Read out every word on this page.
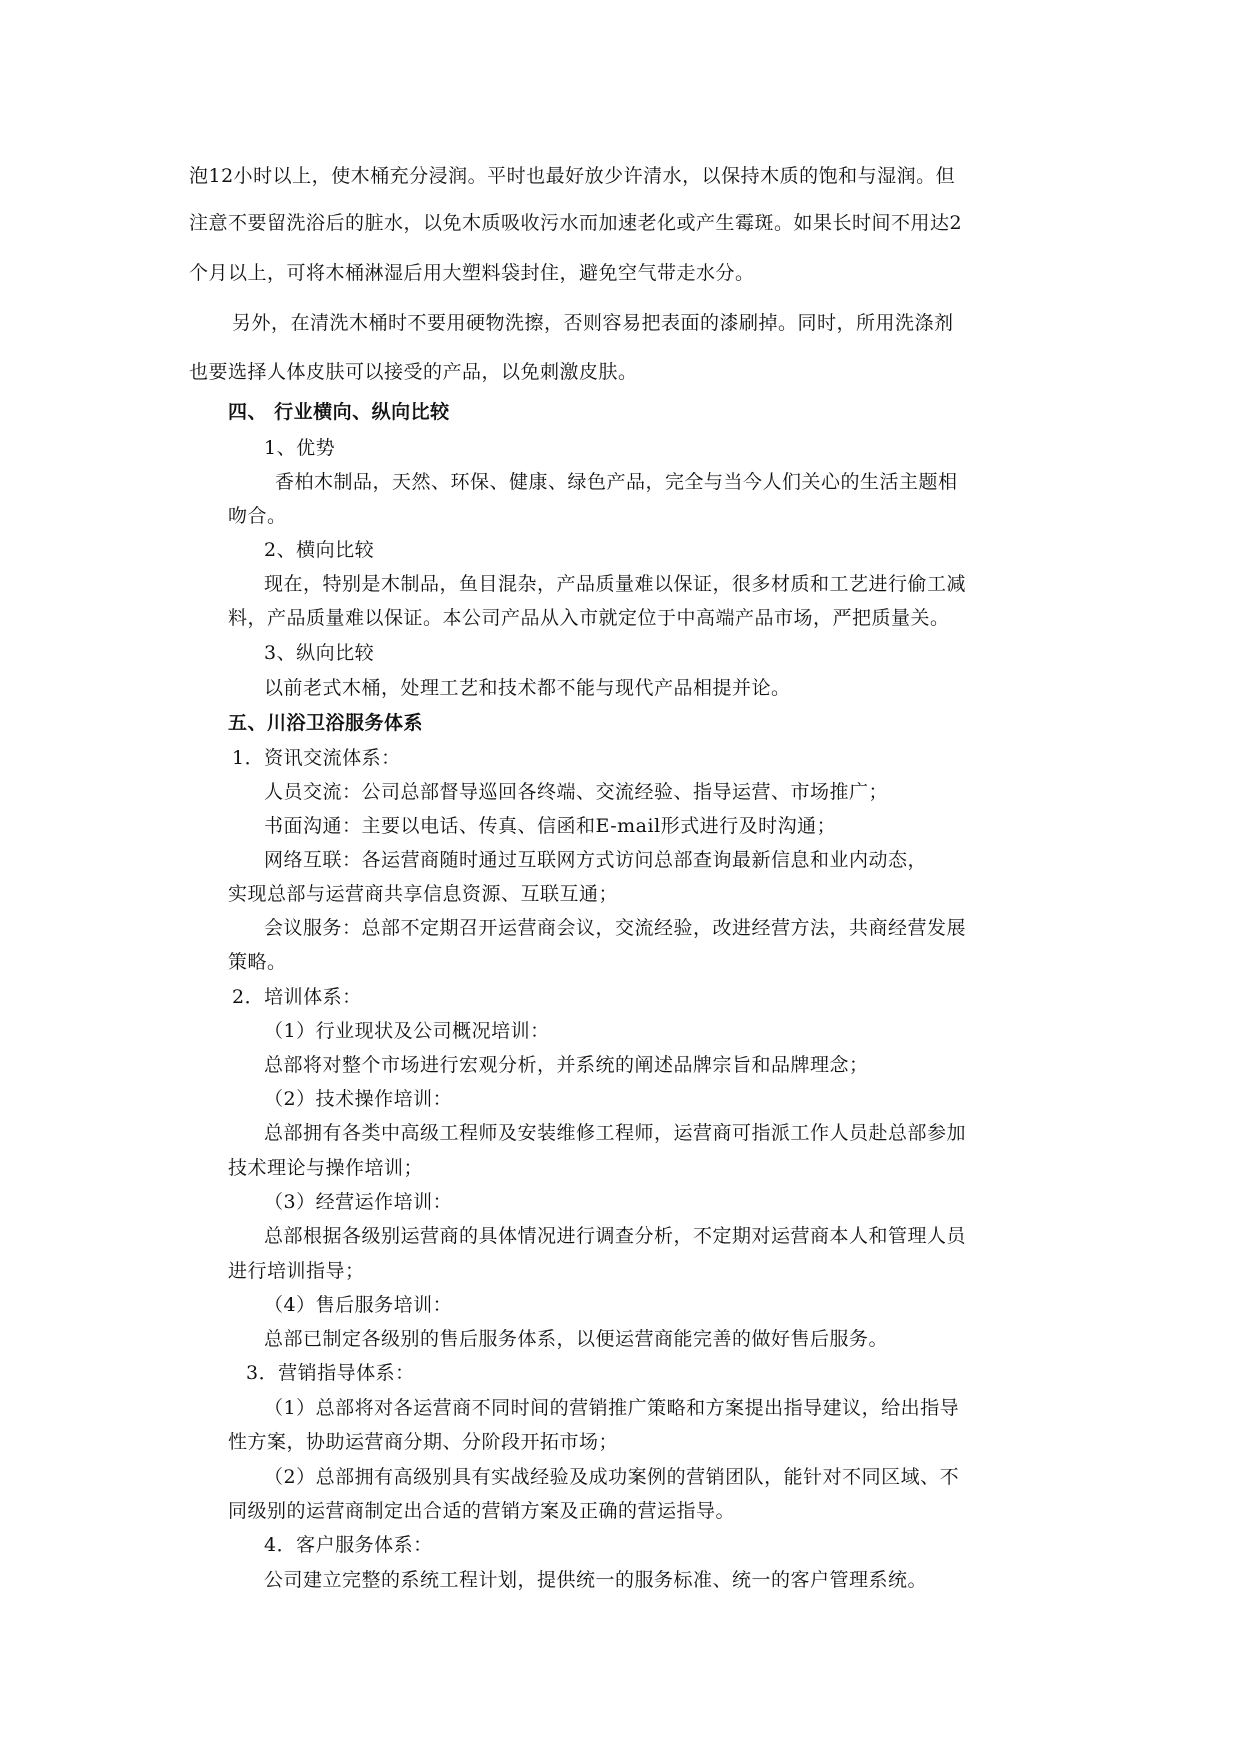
泡12小时以上，使木桶充分浸润。平时也最好放少许清水，以保持木质的饱和与湿润。但
注意不要留洗浴后的脏水，以免木质吸收污水而加速老化或产生霉斑。如果长时间不用达2
个月以上，可将木桶淋湿后用大塑料袋封住，避免空气带走水分。
另外，在清洗木桶时不要用硬物洗擦，否则容易把表面的漆刷掉。同时，所用洗涤剂
也要选择人体皮肤可以接受的产品，以免刺激皮肤。
四、 行业横向、纵向比较
1、优势
香柏木制品，天然、环保、健康、绿色产品，完全与当今人们关心的生活主题相
吻合。
2、横向比较
现在，特别是木制品，鱼目混杂，产品质量难以保证，很多材质和工艺进行偷工减
料，产品质量难以保证。本公司产品从入市就定位于中高端产品市场，严把质量关。
3、纵向比较
以前老式木桶，处理工艺和技术都不能与现代产品相提并论。
五、川浴卫浴服务体系
1．资讯交流体系：
人员交流：公司总部督导巡回各终端、交流经验、指导运营、市场推广；
书面沟通：主要以电话、传真、信函和E-mail形式进行及时沟通；
网络互联：各运营商随时通过互联网方式访问总部查询最新信息和业内动态，
实现总部与运营商共享信息资源、互联互通；
会议服务：总部不定期召开运营商会议，交流经验，改进经营方法，共商经营发展
策略。
2．培训体系：
（1）行业现状及公司概况培训：
总部将对整个市场进行宏观分析，并系统的阐述品牌宗旨和品牌理念；
（2）技术操作培训：
总部拥有各类中高级工程师及安装维修工程师，运营商可指派工作人员赴总部参加
技术理论与操作培训；
（3）经营运作培训：
总部根据各级别运营商的具体情况进行调查分析，不定期对运营商本人和管理人员
进行培训指导；
（4）售后服务培训：
总部已制定各级别的售后服务体系，以便运营商能完善的做好售后服务。
3．营销指导体系：
（1）总部将对各运营商不同时间的营销推广策略和方案提出指导建议，给出指导
性方案，协助运营商分期、分阶段开拓市场；
（2）总部拥有高级别具有实战经验及成功案例的营销团队，能针对不同区域、不
同级别的运营商制定出合适的营销方案及正确的营运指导。
4．客户服务体系：
公司建立完整的系统工程计划，提供统一的服务标准、统一的客户管理系统。
